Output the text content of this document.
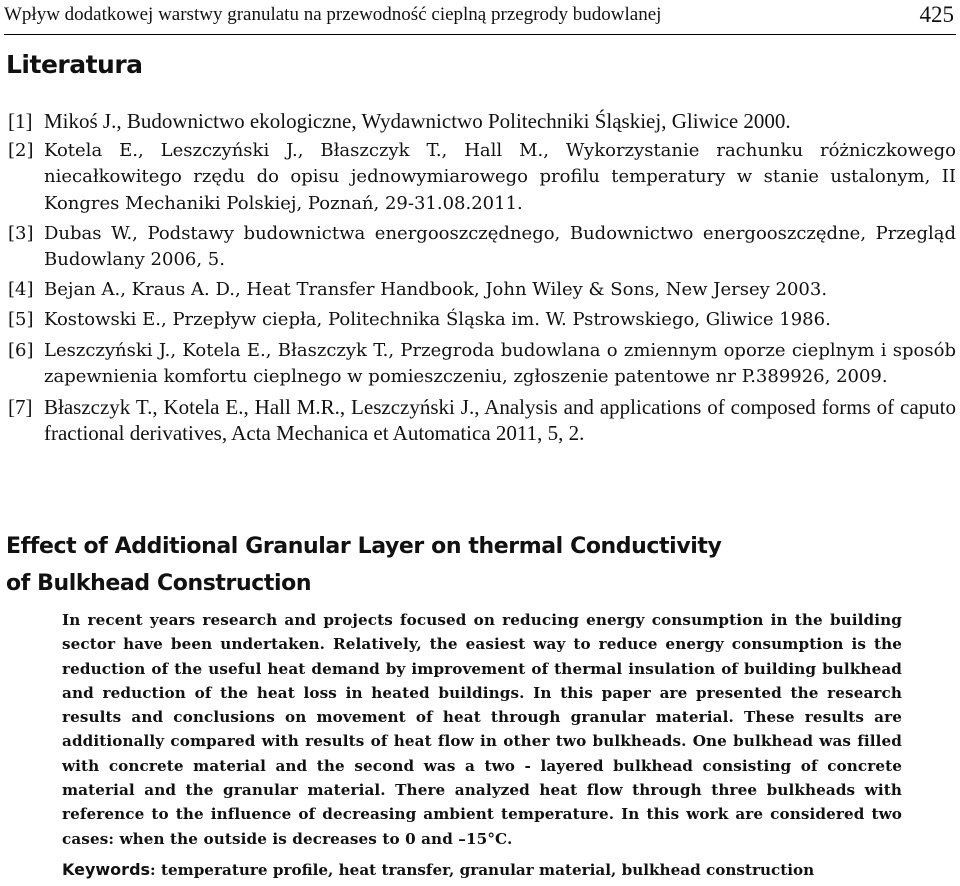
Wpływ dodatkowej warstwy granulatu na przewodność cieplną przegrody budowlanej	425
Literatura
[1] Mikoś J., Budownictwo ekologiczne, Wydawnictwo Politechniki Śląskiej, Gliwice 2000.
[2] Kotela E., Leszczyński J., Błaszczyk T., Hall M., Wykorzystanie rachunku różniczkowego niecałkowitego rzędu do opisu jednowymiarowego profilu temperatury w stanie ustalonym, II Kongres Mechaniki Polskiej, Poznań, 29-31.08.2011.
[3] Dubas W., Podstawy budownictwa energooszczędnego, Budownictwo energooszczędne, Przegląd Budowlany 2006, 5.
[4] Bejan A., Kraus A. D., Heat Transfer Handbook, John Wiley & Sons, New Jersey 2003.
[5] Kostowski E., Przepływ ciepła, Politechnika Śląska im. W. Pstrowskiego, Gliwice 1986.
[6] Leszczyński J., Kotela E., Błaszczyk T., Przegroda budowlana o zmiennym oporze cieplnym i sposób zapewnienia komfortu cieplnego w pomieszczeniu, zgłoszenie patentowe nr P.389926, 2009.
[7] Błaszczyk T., Kotela E., Hall M.R., Leszczyński J., Analysis and applications of composed forms of caputo fractional derivatives, Acta Mechanica et Automatica 2011, 5, 2.
Effect of Additional Granular Layer on thermal Conductivity
of Bulkhead Construction
In recent years research and projects focused on reducing energy consumption in the building sector have been undertaken. Relatively, the easiest way to reduce energy consumption is the reduction of the useful heat demand by improvement of thermal insulation of building bulkhead and reduction of the heat loss in heated buildings. In this paper are presented the research results and conclusions on movement of heat through granular material. These results are additionally compared with results of heat flow in other two bulkheads. One bulkhead was filled with concrete material and the second was a two - layered bulkhead consisting of concrete material and the granular material. There analyzed heat flow through three bulkheads with reference to the influence of decreasing ambient temperature. In this work are considered two cases: when the outside is decreases to 0 and –15°C.
Keywords: temperature profile, heat transfer, granular material, bulkhead construction
